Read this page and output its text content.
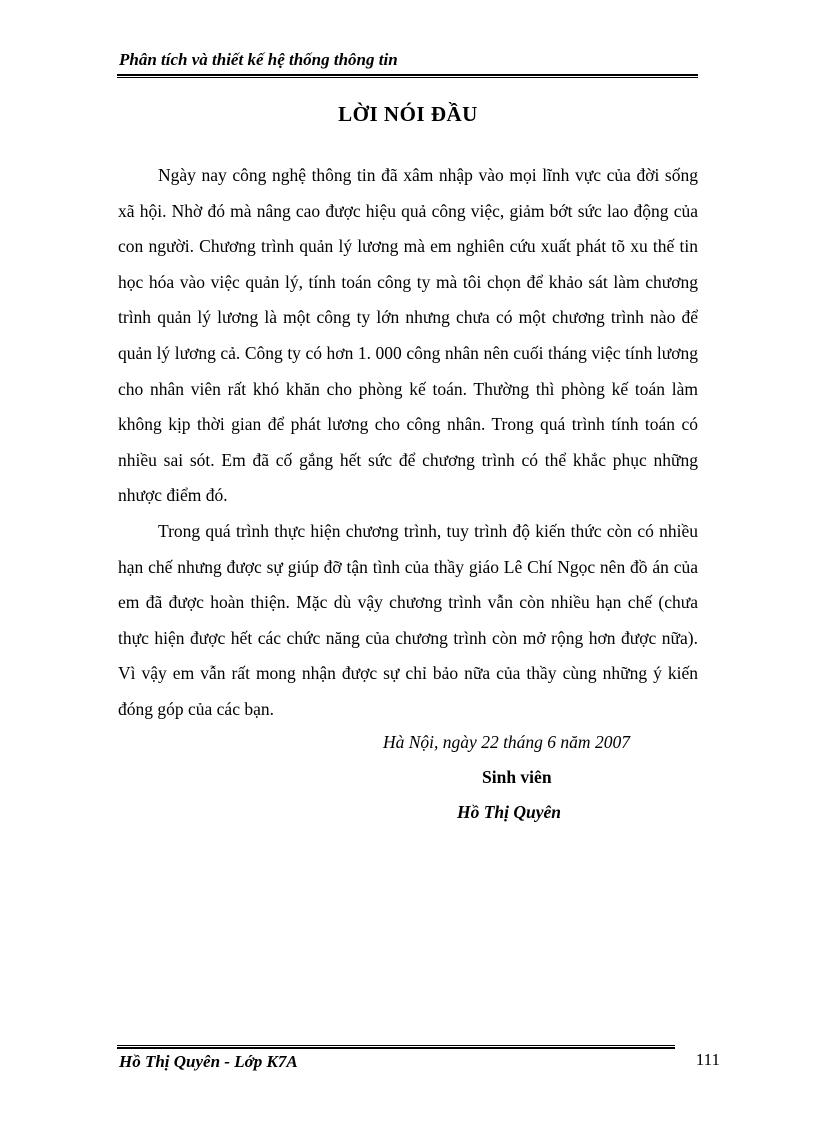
Phân tích và thiết kế hệ thống thông tin
LỜI NÓI ĐẦU

Ngày nay công nghệ thông tin đã xâm nhập vào mọi lĩnh vực của đời sống xã hội. Nhờ đó mà nâng cao được hiệu quả công việc, giảm bớt sức lao động của con người. Chương trình quản lý lương mà em nghiên cứu xuất phát tõ xu thế tin học hóa vào việc quản lý, tính toán công ty mà tôi chọn để khảo sát làm chương trình quản lý lương là một công ty lớn nhưng chưa có một chương trình nào để quản lý lương cả. Công ty có hơn 1. 000 công nhân nên cuối tháng việc tính lương cho nhân viên rất khó khăn cho phòng kế toán. Thường thì phòng kế toán làm không kịp thời gian để phát lương cho công nhân. Trong quá trình tính toán có nhiều sai sót. Em đã cố gắng hết sức để chương trình có thể khắc phục những nhược điểm đó.

Trong quá trình thực hiện chương trình, tuy trình độ kiến thức còn có nhiều hạn chế nhưng được sự giúp đỡ tận tình của thầy giáo Lê Chí Ngọc nên đồ án của em đã được hoàn thiện. Mặc dù vậy chương trình vẫn còn nhiều hạn chế (chưa thực hiện được hết các chức năng của chương trình còn mở rộng hơn được nữa). Vì vậy em vẫn rất mong nhận được sự chỉ bảo nữa của thầy cùng những ý kiến đóng góp của các bạn.

Hà Nội, ngày 22 tháng 6 năm 2007
Sinh viên
Hồ Thị Quyên
Hồ Thị Quyên - Lớp K7A	111
